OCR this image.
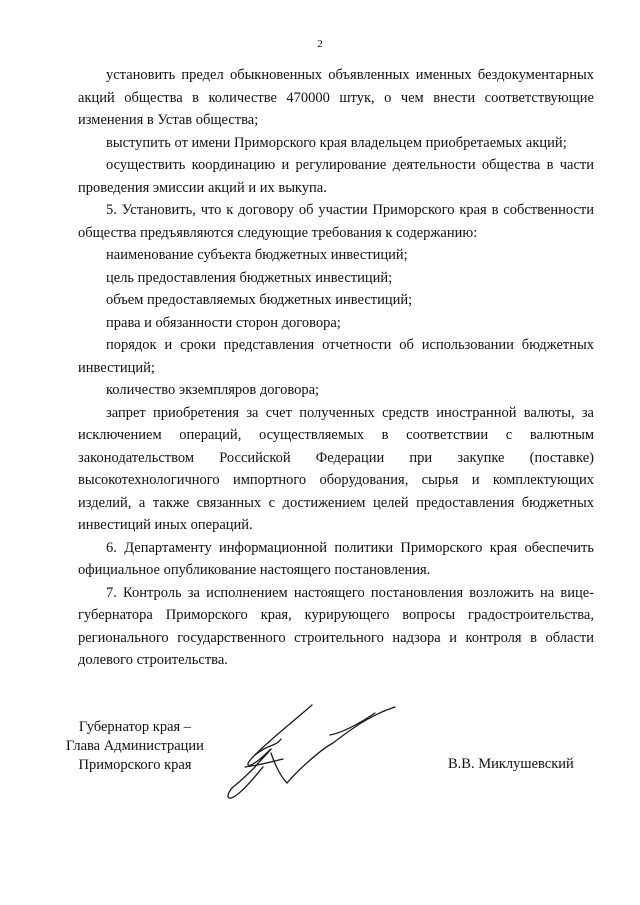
2

установить предел обыкновенных объявленных именных бездокументарных акций общества в количестве 470000 штук, о чем внести соответствующие изменения в Устав общества;

выступить от имени Приморского края владельцем приобретаемых акций;

осуществить координацию и регулирование деятельности общества в части проведения эмиссии акций и их выкупа.

5. Установить, что к договору об участии Приморского края в собственности общества предъявляются следующие требования к содержанию:

наименование субъекта бюджетных инвестиций;

цель предоставления бюджетных инвестиций;

объем предоставляемых бюджетных инвестиций;

права и обязанности сторон договора;

порядок и сроки представления отчетности об использовании бюджетных инвестиций;

количество экземпляров договора;

запрет приобретения за счет полученных средств иностранной валюты, за исключением операций, осуществляемых в соответствии с валютным законодательством Российской Федерации при закупке (поставке) высокотехнологичного импортного оборудования, сырья и комплектующих изделий, а также связанных с достижением целей предоставления бюджетных инвестиций иных операций.

6. Департаменту информационной политики Приморского края обеспечить официальное опубликование настоящего постановления.

7. Контроль за исполнением настоящего постановления возложить на вице-губернатора Приморского края, курирующего вопросы градостроительства, регионального государственного строительного надзора и контроля в области долевого строительства.

Губернатор края –
Глава Администрации
Приморского края	В.В. Миклушевский
